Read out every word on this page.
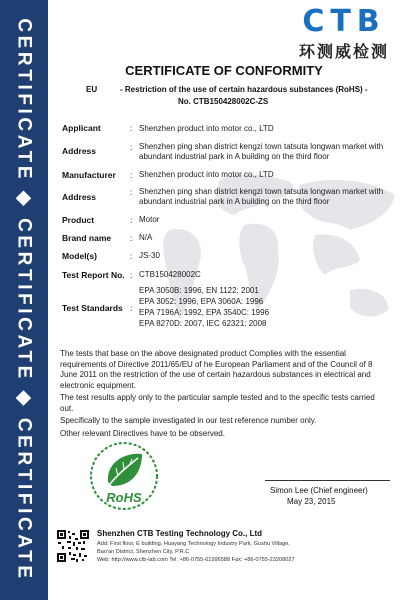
CERTIFICATE ◆ CERTIFICATE ◆ CERTIFICATE	CTB
环测威检测
CERTIFICATE OF CONFORMITY
EU	- Restriction of the use of certain hazardous substances (RoHS) -
No. CTB150428002C-ZS
Applicant	: Shenzhen product into motor co., LTD
Address	: Shenzhen ping shan district kengzi town tatsuta longwan market with abundant industrial park in A building on the third floor
Manufacturer : Shenzhen product into motor co., LTD
Address	: Shenzhen ping shan district kengzi town tatsuta longwan market with abundant industrial park in A building on the third floor
Product	: Motor
Brand name : N/A
Model(s)	: JS-30
Test Report No. : CTB150428002C
Test Standards :
EPA 3050B: 1996, EN 1122: 2001
EPA 3052: 1996, EPA 3060A: 1996
EPA 7196A: 1992, EPA 3540C: 1996
EPA 8270D: 2007, IEC 62321: 2008
The tests that base on the above designated product Complies with the essential requirements of Directive 2011/65/EU of he European Parliament and of the Council of 8 June 2011 on the restriction of the use of certain hazardous substances in electrical and electronic equipment.
The test results apply only to the particular sample tested and to the specific tests carried out.
Specifically to the sample investigated in our test reference number only.
Other relevant Directives have to be observed.
RoHS	Simon Lee (Chief engineer)
May 23, 2015
Shenzhen CTB Testing Technology Co., Ltd
Add: First floor, E building, Huayang Technology Industry Park, Gushu Village,
Bao'an District, Shenzhen City, P.R.C
Web: http://www.ctb-lab.com Tel: +86-0755-61996588 Fax: +86-0755-23208027
